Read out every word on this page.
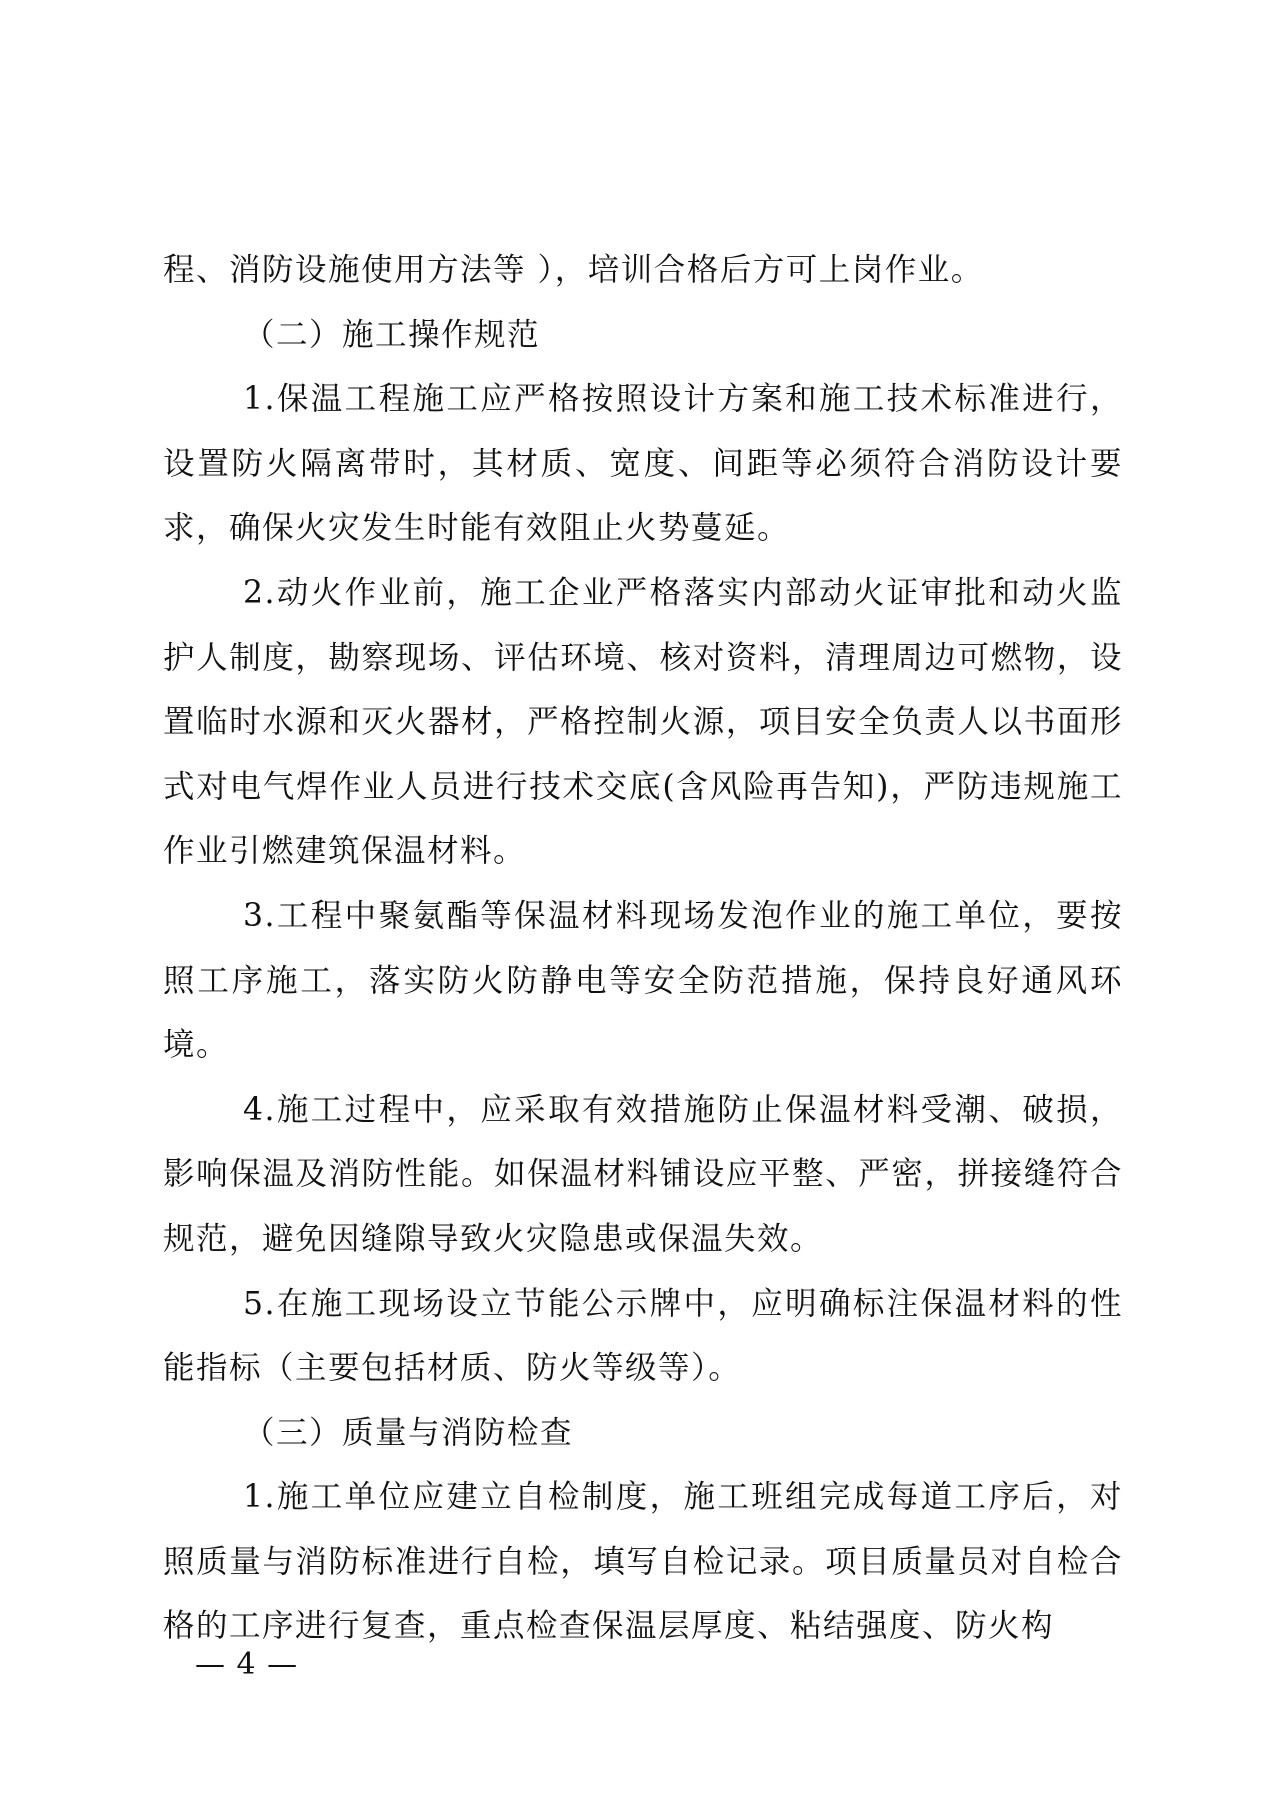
程、消防设施使用方法等 ），培训合格后方可上岗作业。

（二）施工操作规范

1.保温工程施工应严格按照设计方案和施工技术标准进行，设置防火隔离带时，其材质、宽度、间距等必须符合消防设计要求，确保火灾发生时能有效阻止火势蔓延。

2.动火作业前，施工企业严格落实内部动火证审批和动火监护人制度，勘察现场、评估环境、核对资料，清理周边可燃物，设置临时水源和灭火器材，严格控制火源，项目安全负责人以书面形式对电气焊作业人员进行技术交底(含风险再告知)，严防违规施工作业引燃建筑保温材料。

3.工程中聚氨酯等保温材料现场发泡作业的施工单位，要按照工序施工，落实防火防静电等安全防范措施，保持良好通风环境。

4.施工过程中，应采取有效措施防止保温材料受潮、破损，影响保温及消防性能。如保温材料铺设应平整、严密，拼接缝符合规范，避免因缝隙导致火灾隐患或保温失效。

5.在施工现场设立节能公示牌中，应明确标注保温材料的性能指标（主要包括材质、防火等级等）。

（三）质量与消防检查

1.施工单位应建立自检制度，施工班组完成每道工序后，对照质量与消防标准进行自检，填写自检记录。项目质量员对自检合格的工序进行复查，重点检查保温层厚度、粘结强度、防火构

— 4 —
